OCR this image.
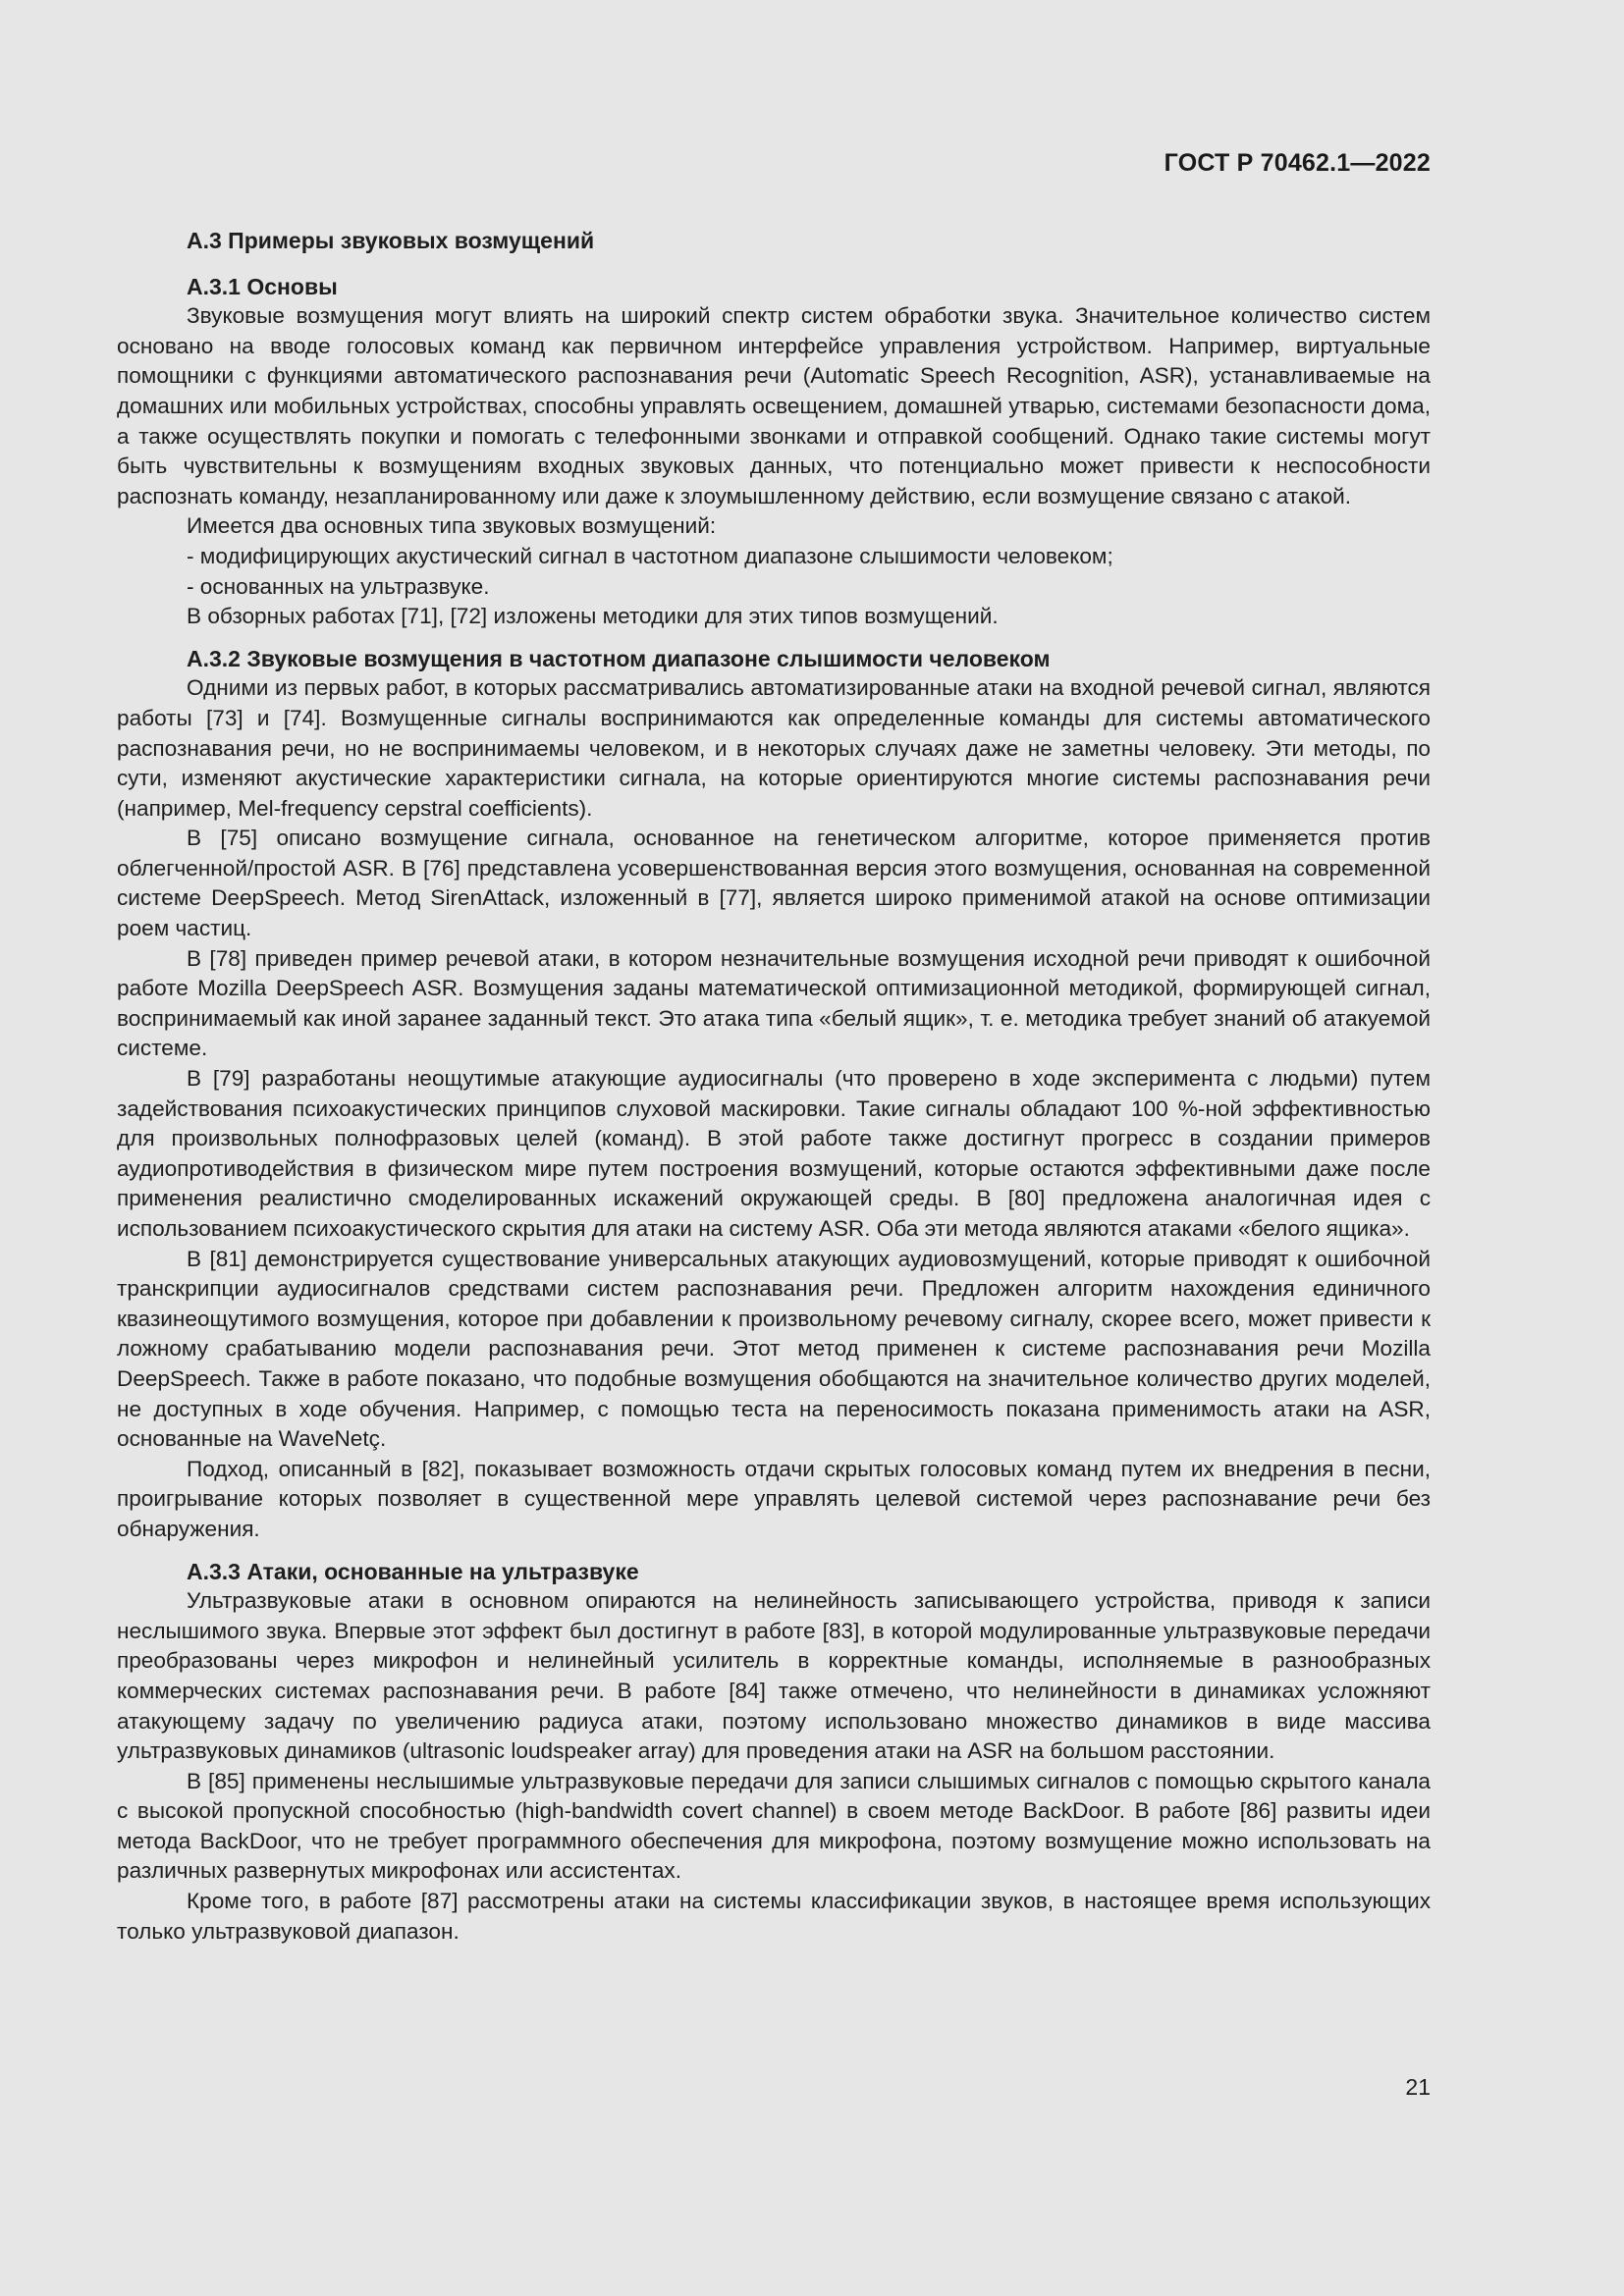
ГОСТ Р 70462.1—2022
А.3 Примеры звуковых возмущений
А.3.1 Основы

Звуковые возмущения могут влиять на широкий спектр систем обработки звука. Значительное количество систем основано на вводе голосовых команд как первичном интерфейсе управления устройством. Например, виртуальные помощники с функциями автоматического распознавания речи (Automatic Speech Recognition, ASR), устанавливаемые на домашних или мобильных устройствах, способны управлять освещением, домашней утварью, системами безопасности дома, а также осуществлять покупки и помогать с телефонными звонками и отправкой сообщений. Однако такие системы могут быть чувствительны к возмущениям входных звуковых данных, что потенциально может привести к неспособности распознать команду, незапланированному или даже к злоумышленному действию, если возмущение связано с атакой.

Имеется два основных типа звуковых возмущений:

- модифицирующих акустический сигнал в частотном диапазоне слышимости человеком;

- основанных на ультразвуке.

В обзорных работах [71], [72] изложены методики для этих типов возмущений.

А.3.2 Звуковые возмущения в частотном диапазоне слышимости человеком

Одними из первых работ, в которых рассматривались автоматизированные атаки на входной речевой сигнал, являются работы [73] и [74]. Возмущенные сигналы воспринимаются как определенные команды для системы автоматического распознавания речи, но не воспринимаемы человеком, и в некоторых случаях даже не заметны человеку. Эти методы, по сути, изменяют акустические характеристики сигнала, на которые ориентируются многие системы распознавания речи (например, Mel-frequency cepstral coefficients).

В [75] описано возмущение сигнала, основанное на генетическом алгоритме, которое применяется против облегченной/простой ASR. В [76] представлена усовершенствованная версия этого возмущения, основанная на современной системе DeepSpeech. Метод SirenAttack, изложенный в [77], является широко применимой атакой на основе оптимизации роем частиц.

В [78] приведен пример речевой атаки, в котором незначительные возмущения исходной речи приводят к ошибочной работе Mozilla DeepSpeech ASR. Возмущения заданы математической оптимизационной методикой, формирующей сигнал, воспринимаемый как иной заранее заданный текст. Это атака типа «белый ящик», т. е. методика требует знаний об атакуемой системе.

В [79] разработаны неощутимые атакующие аудиосигналы (что проверено в ходе эксперимента с людьми) путем задействования психоакустических принципов слуховой маскировки. Такие сигналы обладают 100 %-ной эффективностью для произвольных полнофразовых целей (команд). В этой работе также достигнут прогресс в создании примеров аудиопротиводействия в физическом мире путем построения возмущений, которые остаются эффективными даже после применения реалистично смоделированных искажений окружающей среды. В [80] предложена аналогичная идея с использованием психоакустического скрытия для атаки на систему ASR. Оба эти метода являются атаками «белого ящика».

В [81] демонстрируется существование универсальных атакующих аудиовозмущений, которые приводят к ошибочной транскрипции аудиосигналов средствами систем распознавания речи. Предложен алгоритм нахождения единичного квазинеощутимого возмущения, которое при добавлении к произвольному речевому сигналу, скорее всего, может привести к ложному срабатыванию модели распознавания речи. Этот метод применен к системе распознавания речи Mozilla DeepSpeech. Также в работе показано, что подобные возмущения обобщаются на значительное количество других моделей, не доступных в ходе обучения. Например, с помощью теста на переносимость показана применимость атаки на ASR, основанные на WaveNetç.

Подход, описанный в [82], показывает возможность отдачи скрытых голосовых команд путем их внедрения в песни, проигрывание которых позволяет в существенной мере управлять целевой системой через распознавание речи без обнаружения.

А.3.3 Атаки, основанные на ультразвуке

Ультразвуковые атаки в основном опираются на нелинейность записывающего устройства, приводя к записи неслышимого звука. Впервые этот эффект был достигнут в работе [83], в которой модулированные ультразвуковые передачи преобразованы через микрофон и нелинейный усилитель в корректные команды, исполняемые в разнообразных коммерческих системах распознавания речи. В работе [84] также отмечено, что нелинейности в динамиках усложняют атакующему задачу по увеличению радиуса атаки, поэтому использовано множество динамиков в виде массива ультразвуковых динамиков (ultrasonic loudspeaker array) для проведения атаки на ASR на большом расстоянии.

В [85] применены неслышимые ультразвуковые передачи для записи слышимых сигналов с помощью скрытого канала с высокой пропускной способностью (high-bandwidth covert channel) в своем методе BackDoor. В работе [86] развиты идеи метода BackDoor, что не требует программного обеспечения для микрофона, поэтому возмущение можно использовать на различных развернутых микрофонах или ассистентах.

Кроме того, в работе [87] рассмотрены атаки на системы классификации звуков, в настоящее время использующих только ультразвуковой диапазон.

21
